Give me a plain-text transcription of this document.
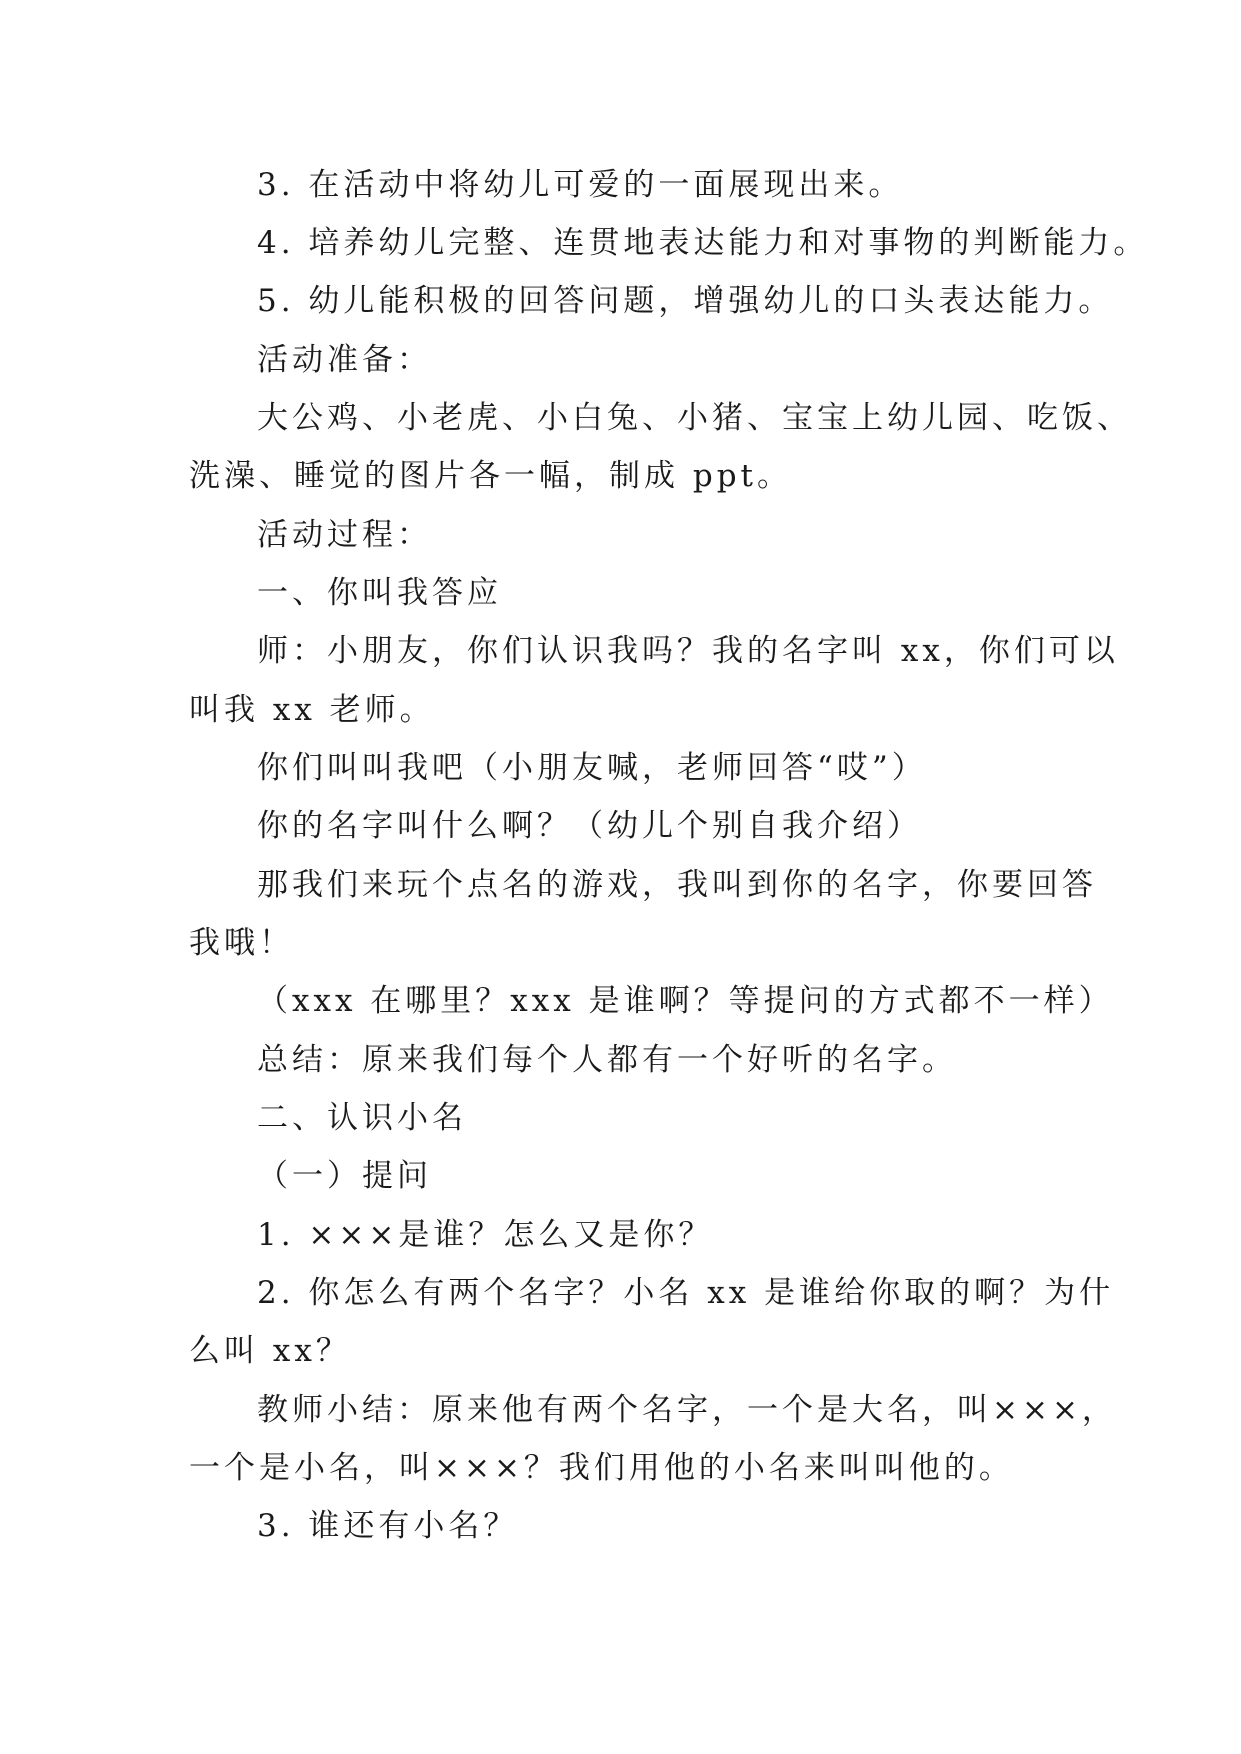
3. 在活动中将幼儿可爱的一面展现出来。
4. 培养幼儿完整、连贯地表达能力和对事物的判断能力。
5. 幼儿能积极的回答问题，增强幼儿的口头表达能力。
活动准备：
大公鸡、小老虎、小白兔、小猪、宝宝上幼儿园、吃饭、
洗澡、睡觉的图片各一幅，制成 ppt。
活动过程：
一、你叫我答应
师：小朋友，你们认识我吗？我的名字叫 xx，你们可以
叫我 xx 老师。
你们叫叫我吧（小朋友喊，老师回答“哎”）
你的名字叫什么啊？（幼儿个别自我介绍）
那我们来玩个点名的游戏，我叫到你的名字，你要回答
我哦！
（xxx 在哪里？xxx 是谁啊？等提问的方式都不一样）
总结：原来我们每个人都有一个好听的名字。
二、认识小名
（一）提问
1. ×××是谁？怎么又是你？
2. 你怎么有两个名字？小名 xx 是谁给你取的啊？为什
么叫 xx？
教师小结：原来他有两个名字，一个是大名，叫×××，
一个是小名，叫×××？我们用他的小名来叫叫他的。
3. 谁还有小名？
